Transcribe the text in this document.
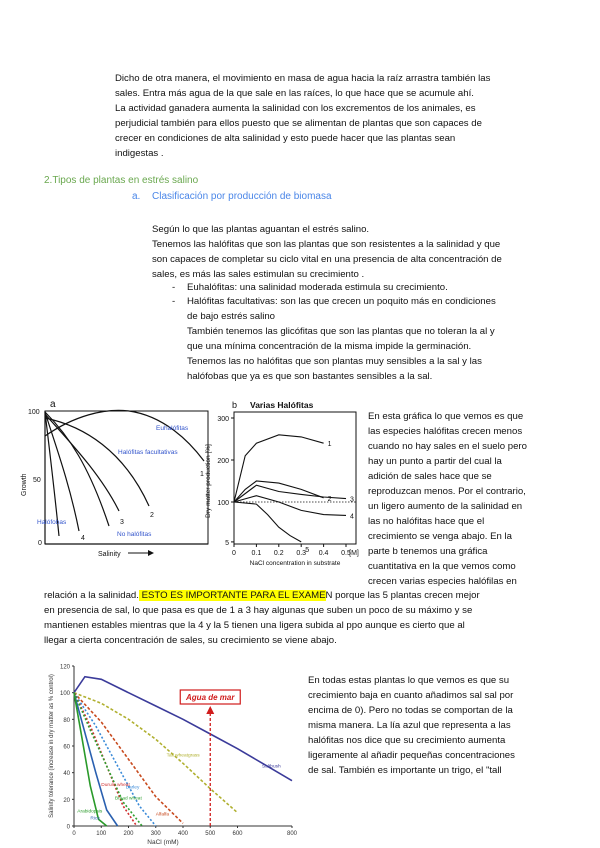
Dicho de otra manera, el movimiento en masa de agua hacia la raíz arrastra también las
sales. Entra más agua de la que sale en las raíces, lo que hace que se acumule ahí.
La actividad ganadera aumenta la salinidad con los excrementos de los animales, es
perjudicial también para ellos puesto que se alimentan de plantas que son capaces de
crecer en condiciones de alta salinidad y esto puede hacer que las plantas sean
indigestas .
2.Tipos de plantas en estrés salino
a. Clasificación por producción de biomasa
Según lo que las plantas aguantan el estrés salino.
Tenemos las halófitas que son las plantas que son resistentes a la salinidad y que
son capaces de completar su ciclo vital en una presencia de alta concentración de
sales, es más las sales estimulan su crecimiento .
- Euhalófitas: una salinidad moderada estimula su crecimiento.
- Halófitas facultativas: son las que crecen un poquito más en condiciones
de bajo estrés salino
También tenemos las glicófitas que son las plantas que no toleran la al y
que una mínima concentración de la misma impide la germinación.
Tenemos las no halófitas que son plantas muy sensibles a la sal y las
halófobas que ya es que son bastantes sensibles a la sal.
a
Growth
100
50
0
1
2
3
4
Euhalófitas
Halófitas facultativas
Halófobas
No halófitas
Salinity
b Varias Halófitas
300
200
100
5
0 0.1 0.2 0.3 0.4 0.5
[M]
NaCl concentration in substrate
Dry matter production [%]	1
2	3
4
5
En esta gráfica lo que vemos es que
las especies halófitas crecen menos
cuando no hay sales en el suelo pero
hay un punto a partir del cual la
adición de sales hace que se
reproduzcan menos. Por el contrario,
un ligero aumento de la salinidad en
las no halófitas hace que el
crecimiento se venga abajo. En la
parte b tenemos una gráfica
cuantitativa en la que vemos como
crecen varias especies halófilas en
relación a la salinidad. ESTO ES IMPORTANTE PARA EL EXAMEN porque las 5 plantas crecen mejor
en presencia de sal, lo que pasa es que de 1 a 3 hay algunas que suben un poco de su máximo y se
mantienen estables mientras que la 4 y la 5 tienen una ligera subida al ppo aunque es cierto que al
llegar a cierta concentración de sales, su crecimiento se viene abajo.
0
20
40
60
80
100
120
0	100	200	300	400	500	600	800
NaCl (mM)
Salinity tolerance (increase in dry matter as % control)	Saltbush
Tall wheatgrass
Alfalfa
Barley
Durum wheat
Bread wheat
Rice
Arabidopsis
Agua de mar
En todas estas plantas lo que vemos es que su
crecimiento baja en cuanto añadimos sal sal por
encima de 0). Pero no todas se comportan de la
misma manera. La lía azul que representa a las
halófitas nos dice que su crecimiento aumenta
ligeramente al añadir pequeñas concentraciones
de sal. También es importante un trigo, el "tall
